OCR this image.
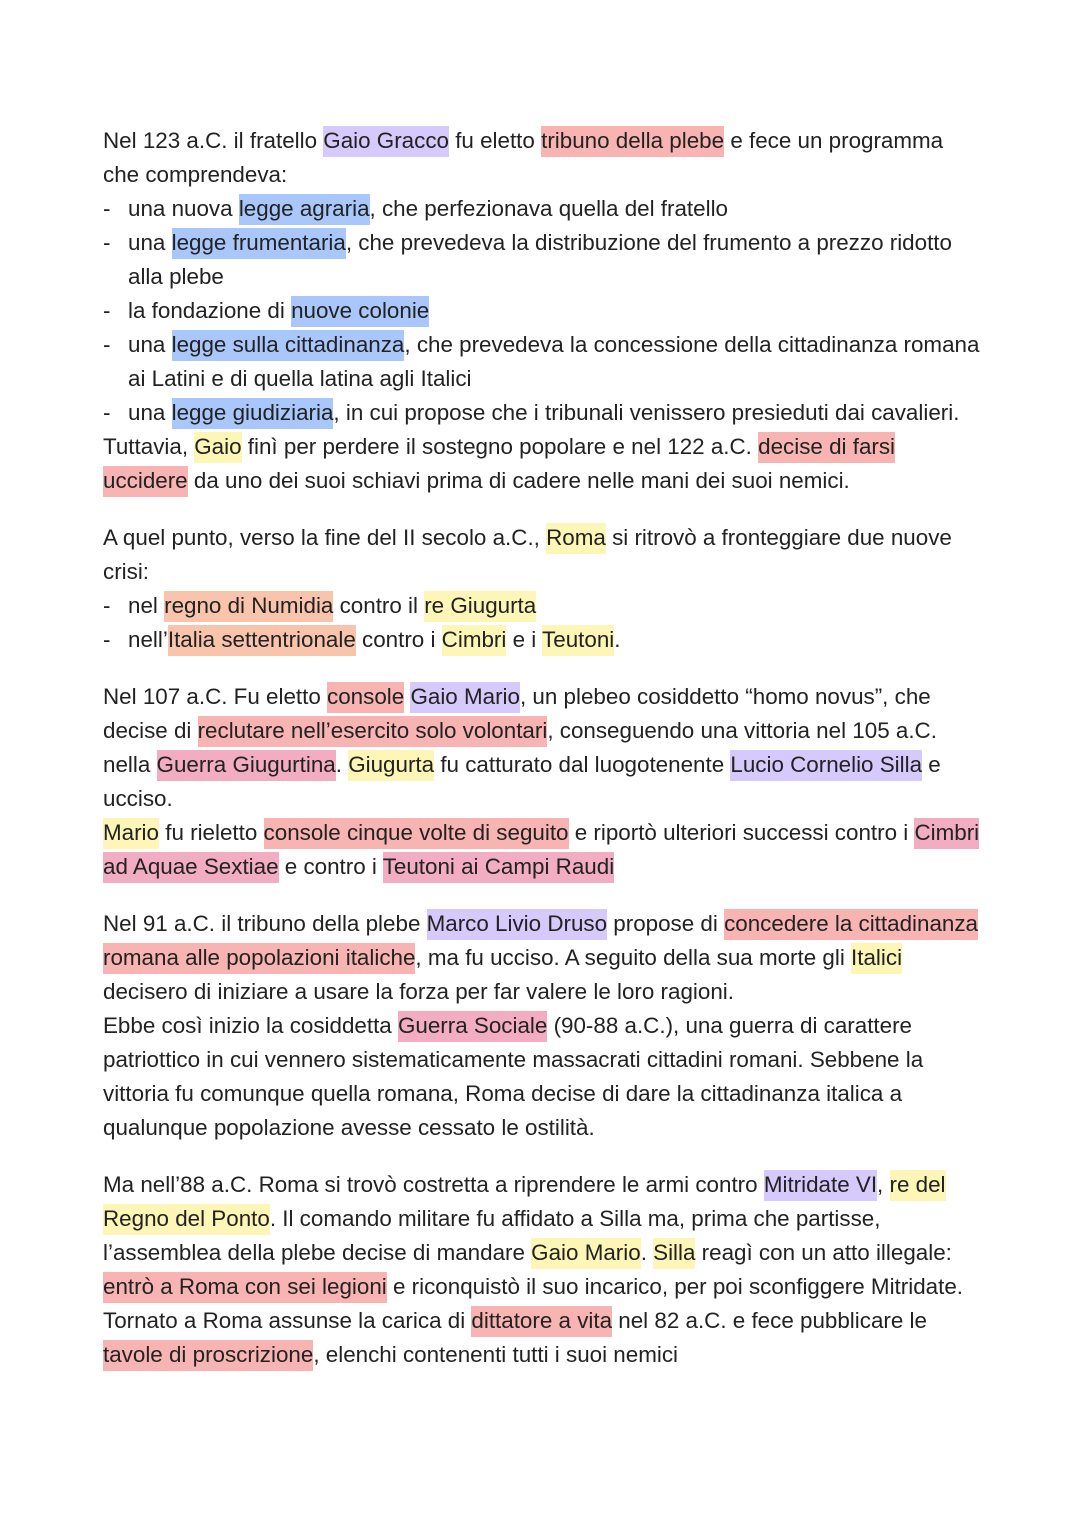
Nel 123 a.C. il fratello Gaio Gracco fu eletto tribuno della plebe e fece un programma che comprendeva:

- una nuova legge agraria, che perfezionava quella del fratello
- una legge frumentaria, che prevedeva la distribuzione del frumento a prezzo ridotto alla plebe
- la fondazione di nuove colonie
- una legge sulla cittadinanza, che prevedeva la concessione della cittadinanza romana ai Latini e di quella latina agli Italici
- una legge giudiziaria, in cui propose che i tribunali venissero presieduti dai cavalieri.

Tuttavia, Gaio finì per perdere il sostegno popolare e nel 122 a.C. decise di farsi uccidere da uno dei suoi schiavi prima di cadere nelle mani dei suoi nemici.

A quel punto, verso la fine del II secolo a.C., Roma si ritrovò a fronteggiare due nuove crisi:

- nel regno di Numidia contro il re Giugurta
- nell’Italia settentrionale contro i Cimbri e i Teutoni.

Nel 107 a.C. Fu eletto console Gaio Mario, un plebeo cosiddetto “homo novus”, che decise di reclutare nell’esercito solo volontari, conseguendo una vittoria nel 105 a.C. nella Guerra Giugurtina. Giugurta fu catturato dal luogotenente Lucio Cornelio Silla e ucciso.

Mario fu rieletto console cinque volte di seguito e riportò ulteriori successi contro i Cimbri ad Aquae Sextiae e contro i Teutoni ai Campi Raudi

Nel 91 a.C. il tribuno della plebe Marco Livio Druso propose di concedere la cittadinanza romana alle popolazioni italiche, ma fu ucciso. A seguito della sua morte gli Italici decisero di iniziare a usare la forza per far valere le loro ragioni.

Ebbe così inizio la cosiddetta Guerra Sociale (90-88 a.C.), una guerra di carattere patriottico in cui vennero sistematicamente massacrati cittadini romani. Sebbene la vittoria fu comunque quella romana, Roma decise di dare la cittadinanza italica a qualunque popolazione avesse cessato le ostilità.

Ma nell’88 a.C. Roma si trovò costretta a riprendere le armi contro Mitridate VI, re del Regno del Ponto. Il comando militare fu affidato a Silla ma, prima che partisse, l’assemblea della plebe decise di mandare Gaio Mario. Silla reagì con un atto illegale: entrò a Roma con sei legioni e riconquistò il suo incarico, per poi sconfiggere Mitridate. Tornato a Roma assunse la carica di dittatore a vita nel 82 a.C. e fece pubblicare le tavole di proscrizione, elenchi contenenti tutti i suoi nemici
